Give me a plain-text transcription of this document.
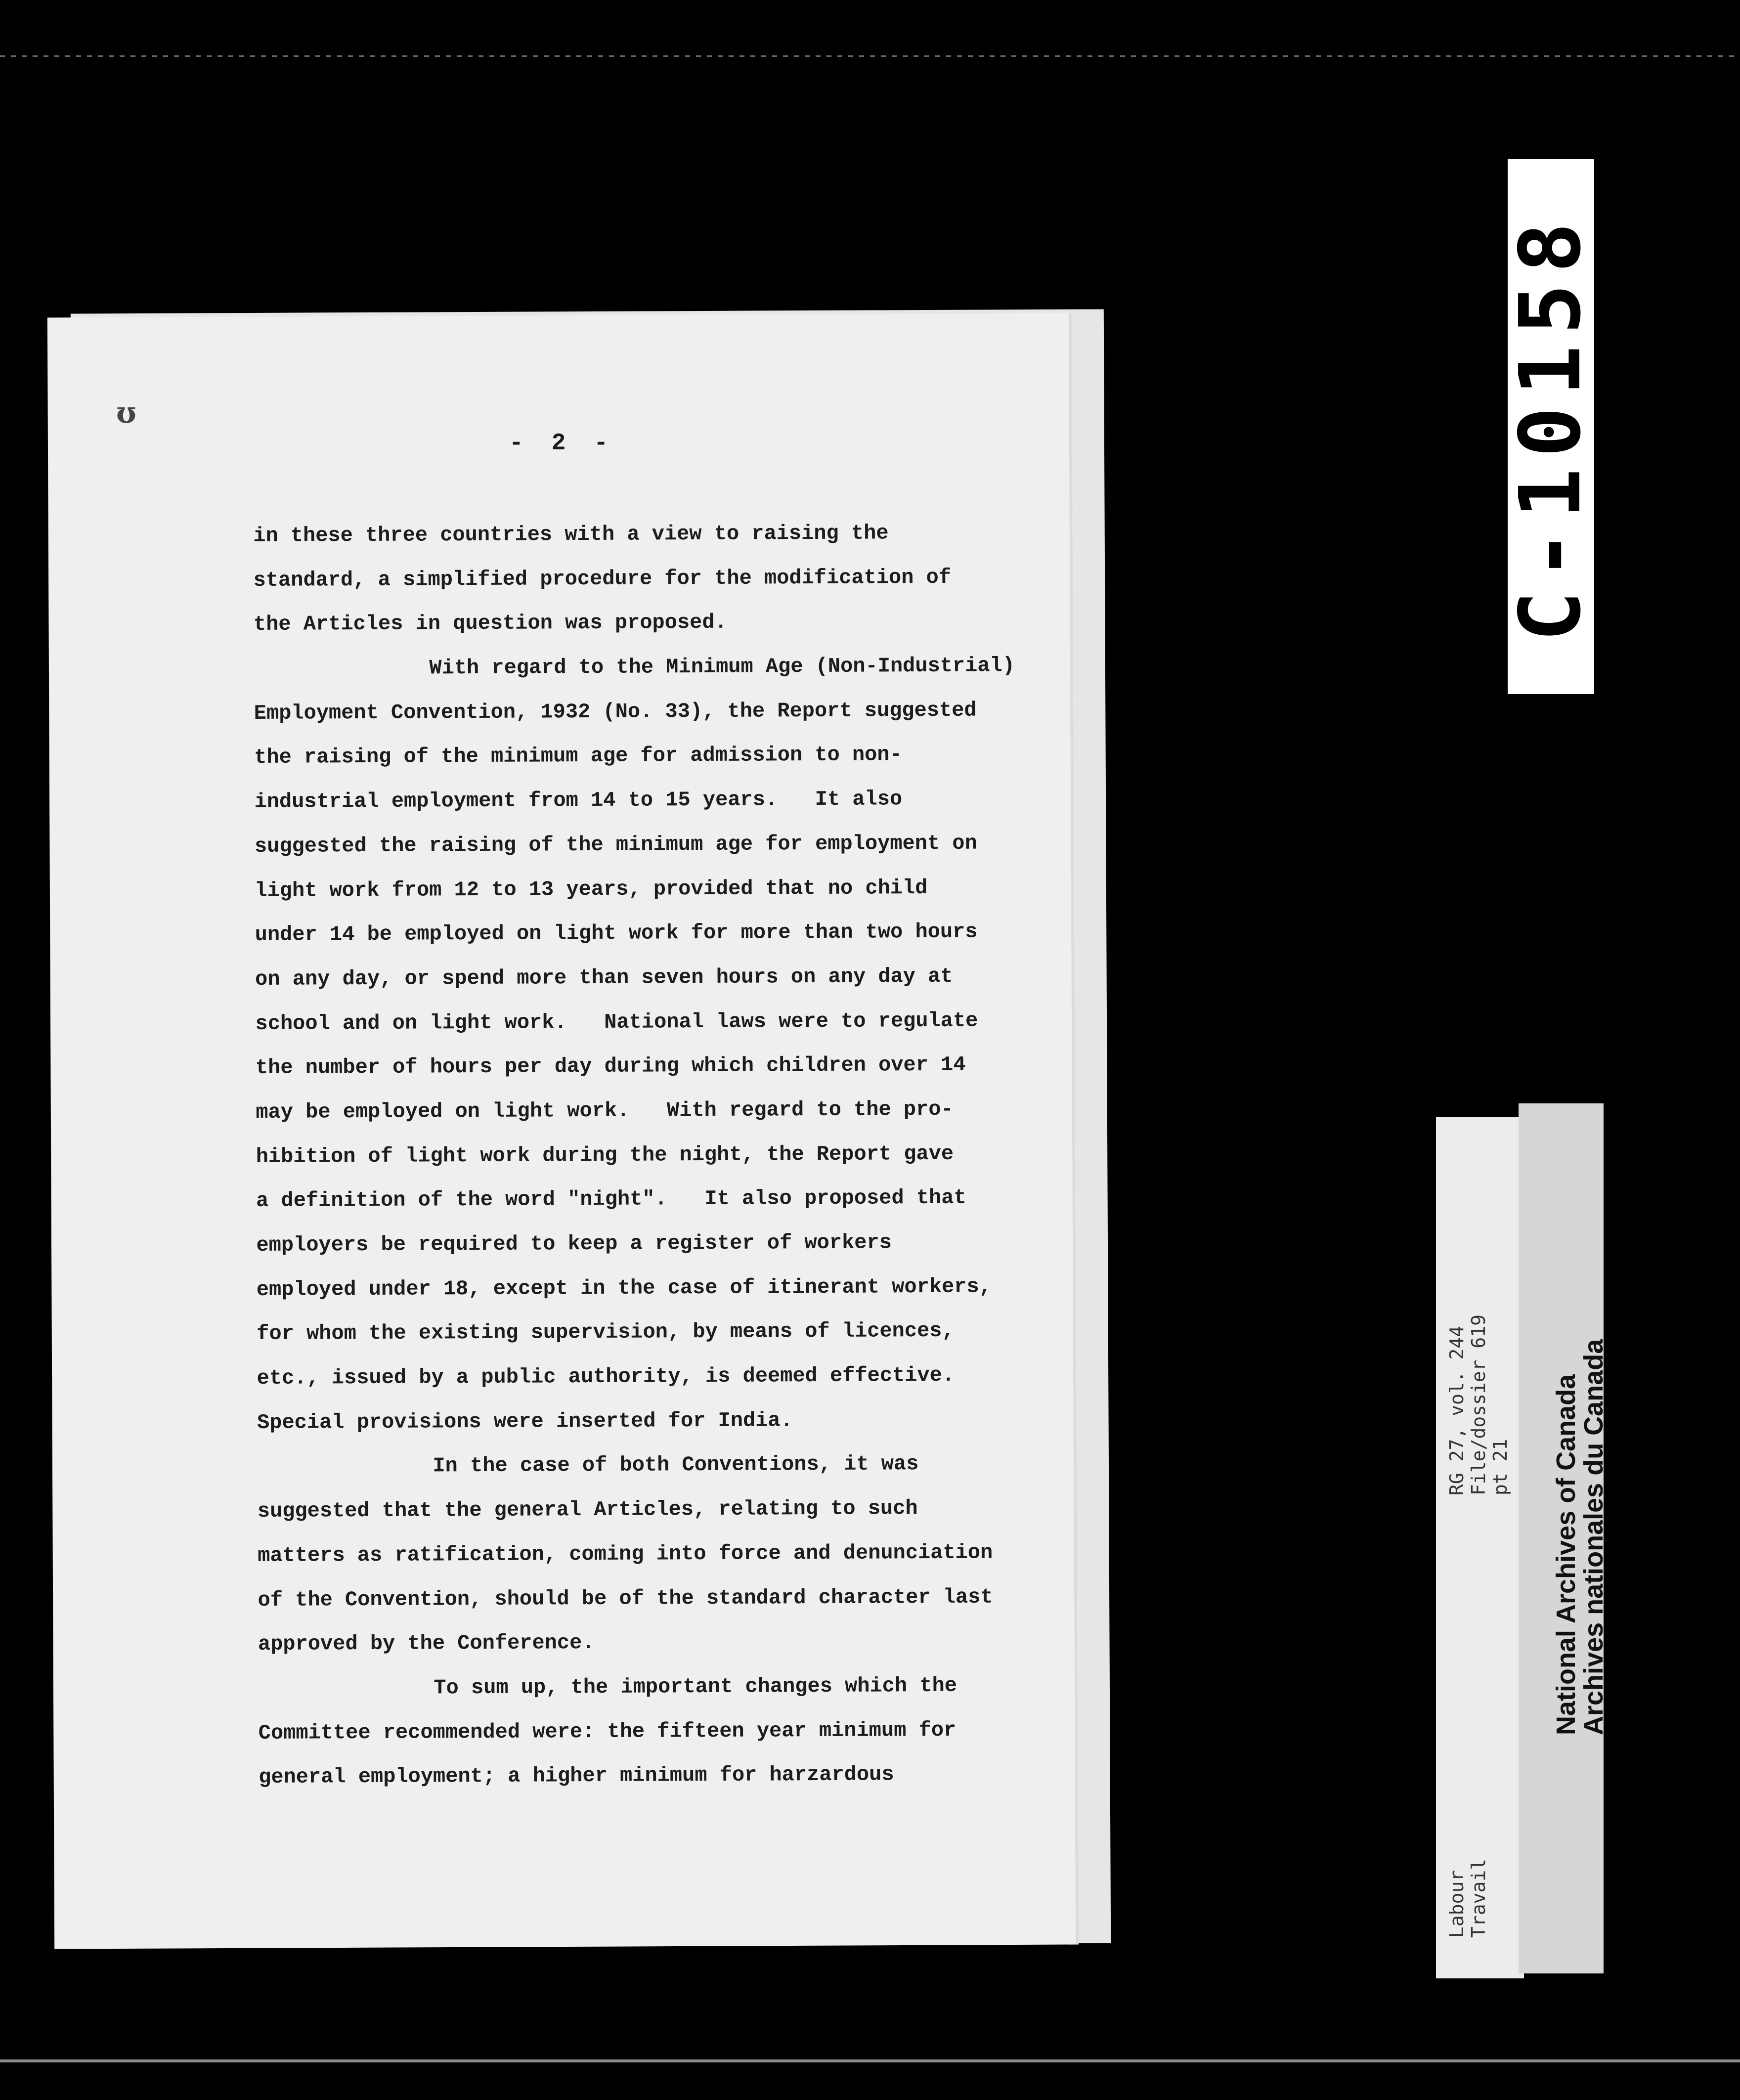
ʊ
- 2 -
in these three countries with a view to raising the
standard, a simplified procedure for the modification of
the Articles in question was proposed.
With regard to the Minimum Age (Non-Industrial)
Employment Convention, 1932 (No. 33), the Report suggested
the raising of the minimum age for admission to non-
industrial employment from 14 to 15 years.   It also
suggested the raising of the minimum age for employment on
light work from 12 to 13 years, provided that no child
under 14 be employed on light work for more than two hours
on any day, or spend more than seven hours on any day at
school and on light work.   National laws were to regulate
the number of hours per day during which children over 14
may be employed on light work.   With regard to the pro-
hibition of light work during the night, the Report gave
a definition of the word "night".   It also proposed that
employers be required to keep a register of workers
employed under 18, except in the case of itinerant workers,
for whom the existing supervision, by means of licences,
etc., issued by a public authority, is deemed effective.
Special provisions were inserted for India.
In the case of both Conventions, it was
suggested that the general Articles, relating to such
matters as ratification, coming into force and denunciation
of the Convention, should be of the standard character last
approved by the Conference.
To sum up, the important changes which the
Committee recommended were: the fifteen year minimum for
general employment; a higher minimum for harzardous
C-10158
RG 27, vol. 244
File/dossier 619
pt 21
Labour
Travail
National Archives of Canada
Archives nationales du Canada
